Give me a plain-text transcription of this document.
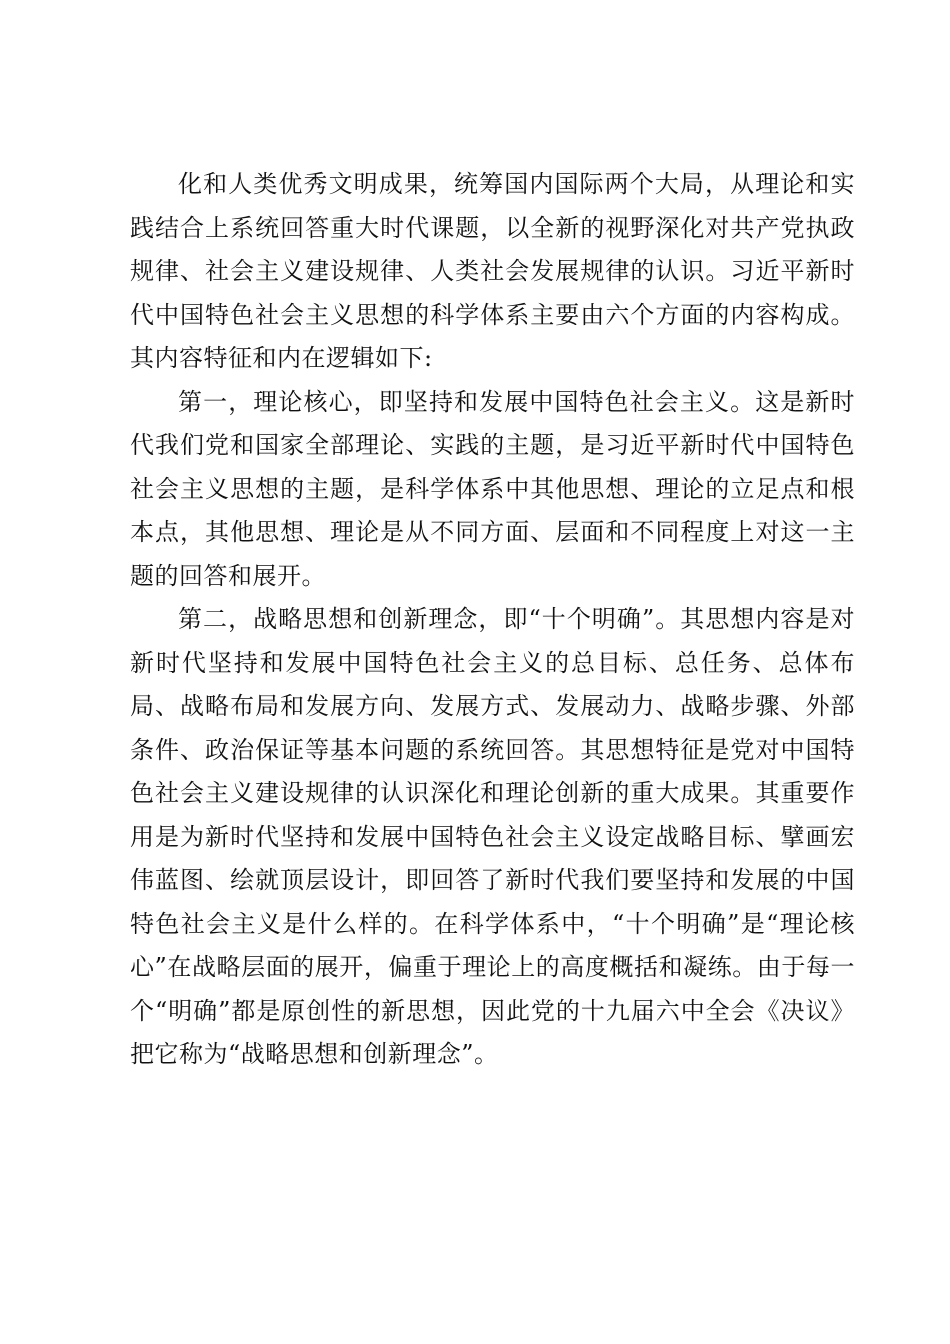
化和人类优秀文明成果，统筹国内国际两个大局，从理论和实践结合上系统回答重大时代课题，以全新的视野深化对共产党执政规律、社会主义建设规律、人类社会发展规律的认识。习近平新时代中国特色社会主义思想的科学体系主要由六个方面的内容构成。其内容特征和内在逻辑如下:

第一，理论核心，即坚持和发展中国特色社会主义。这是新时代我们党和国家全部理论、实践的主题，是习近平新时代中国特色社会主义思想的主题，是科学体系中其他思想、理论的立足点和根本点，其他思想、理论是从不同方面、层面和不同程度上对这一主题的回答和展开。

第二，战略思想和创新理念，即“十个明确”。其思想内容是对新时代坚持和发展中国特色社会主义的总目标、总任务、总体布局、战略布局和发展方向、发展方式、发展动力、战略步骤、外部条件、政治保证等基本问题的系统回答。其思想特征是党对中国特色社会主义建设规律的认识深化和理论创新的重大成果。其重要作用是为新时代坚持和发展中国特色社会主义设定战略目标、擘画宏伟蓝图、绘就顶层设计，即回答了新时代我们要坚持和发展的中国特色社会主义是什么样的。在科学体系中，“十个明确”是“理论核心”在战略层面的展开，偏重于理论上的高度概括和凝练。由于每一个“明确”都是原创性的新思想，因此党的十九届六中全会《决议》把它称为“战略思想和创新理念”。
